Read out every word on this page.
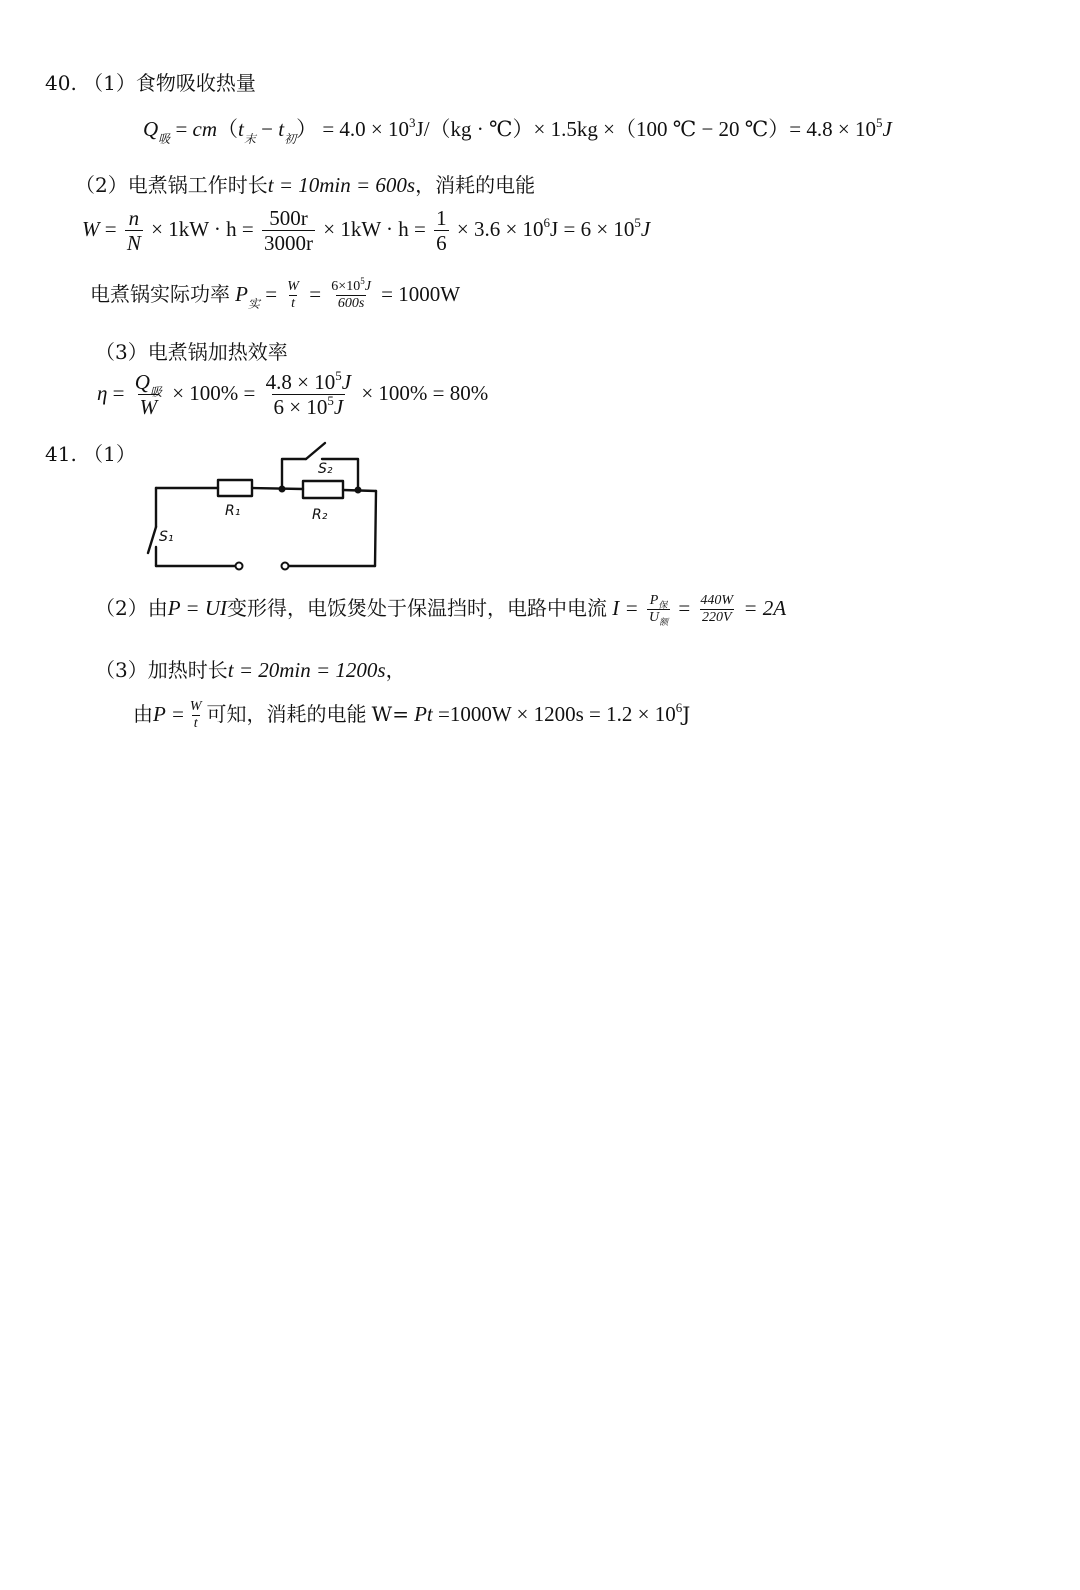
40. （1）食物吸收热量
$Q_吸 = cm(t_末 - t_初) = 4.0 \times 10^3J/(kg$ · ℃）× 1.5kg ×（100 ℃ − 20 ℃）= $4.8 \times 10^5J$
（2）电煮锅工作时长t = 10min = 600s，消耗的电能
$W = \frac{n}{N} \times 1kW \cdot h = \frac{500r}{3000r} \times 1kW \cdot h = \frac{1}{6} \times 3.6 \times 10^6J = 6 \times 10^5J$
电煮锅实际功率 $P_实 = \frac{W}{t} = \frac{6\times 10^5J}{600s} = 1000W$
（3）电煮锅加热效率
$\eta = \frac{Q_吸}{W} \times 100\% = \frac{4.8 \times 10^5J}{6 \times 10^5J} \times 100\% = 80\%$
41. （1）
R₁	R₂
S₁
S₂
（2）由P = UI变形得，电饭煲处于保温挡时，电路中电流 $I = \frac{P_保}{U_额} = \frac{440W}{220V} = 2A$
（3）加热时长t = 20min = 1200s，
由$P = \frac{W}{t}$ 可知，消耗的电能 $W= Pt =1000W \times 1200s = 1.2 \times 10^6J$
